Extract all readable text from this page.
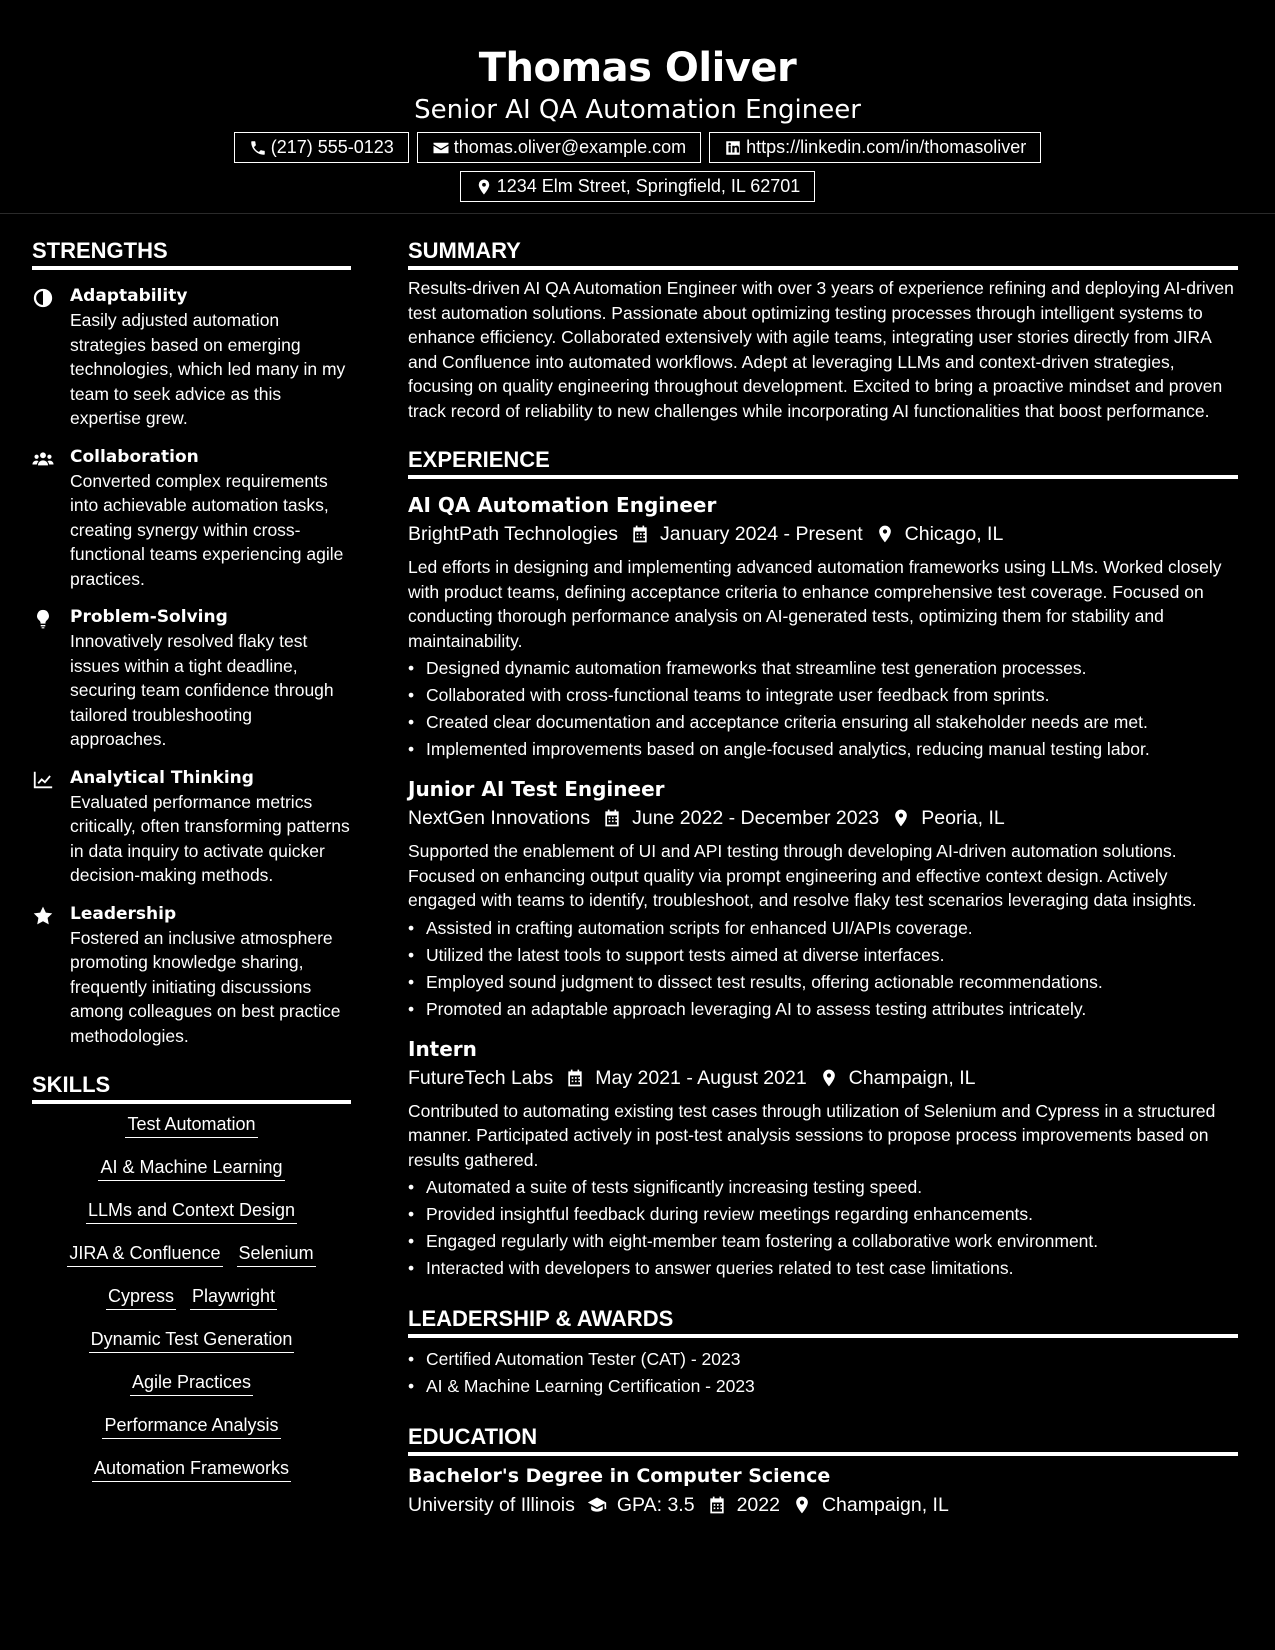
Thomas Oliver
Senior AI QA Automation Engineer
(217) 555-0123	thomas.oliver@example.com	https://linkedin.com/in/thomasoliver
1234 Elm Street, Springfield, IL 62701
STRENGTHS
Adaptability
Easily adjusted automation strategies based on emerging technologies, which led many in my team to seek advice as this expertise grew.
Collaboration
Converted complex requirements into achievable automation tasks, creating synergy within cross-functional teams experiencing agile practices.
Problem-Solving
Innovatively resolved flaky test issues within a tight deadline, securing team confidence through tailored troubleshooting approaches.
Analytical Thinking
Evaluated performance metrics critically, often transforming patterns in data inquiry to activate quicker decision-making methods.
Leadership
Fostered an inclusive atmosphere promoting knowledge sharing, frequently initiating discussions among colleagues on best practice methodologies.
SKILLS
Test Automation
AI & Machine Learning
LLMs and Context Design
JIRA & Confluence Selenium
Cypress Playwright
Dynamic Test Generation
Agile Practices
Performance Analysis
Automation Frameworks
SUMMARY
Results-driven AI QA Automation Engineer with over 3 years of experience refining and deploying AI-driven test automation solutions. Passionate about optimizing testing processes through intelligent systems to enhance efficiency. Collaborated extensively with agile teams, integrating user stories directly from JIRA and Confluence into automated workflows. Adept at leveraging LLMs and context-driven strategies, focusing on quality engineering throughout development. Excited to bring a proactive mindset and proven track record of reliability to new challenges while incorporating AI functionalities that boost performance.
EXPERIENCE
AI QA Automation Engineer
BrightPath Technologies January 2024 - Present Chicago, IL
Led efforts in designing and implementing advanced automation frameworks using LLMs. Worked closely with product teams, defining acceptance criteria to enhance comprehensive test coverage. Focused on conducting thorough performance analysis on AI-generated tests, optimizing them for stability and maintainability.
• Designed dynamic automation frameworks that streamline test generation processes.
• Collaborated with cross-functional teams to integrate user feedback from sprints.
• Created clear documentation and acceptance criteria ensuring all stakeholder needs are met.
• Implemented improvements based on angle-focused analytics, reducing manual testing labor.
Junior AI Test Engineer
NextGen Innovations June 2022 - December 2023 Peoria, IL
Supported the enablement of UI and API testing through developing AI-driven automation solutions. Focused on enhancing output quality via prompt engineering and effective context design. Actively engaged with teams to identify, troubleshoot, and resolve flaky test scenarios leveraging data insights.
• Assisted in crafting automation scripts for enhanced UI/APIs coverage.
• Utilized the latest tools to support tests aimed at diverse interfaces.
• Employed sound judgment to dissect test results, offering actionable recommendations.
• Promoted an adaptable approach leveraging AI to assess testing attributes intricately.
Intern
FutureTech Labs May 2021 - August 2021 Champaign, IL
Contributed to automating existing test cases through utilization of Selenium and Cypress in a structured manner. Participated actively in post-test analysis sessions to propose process improvements based on results gathered.
• Automated a suite of tests significantly increasing testing speed.
• Provided insightful feedback during review meetings regarding enhancements.
• Engaged regularly with eight-member team fostering a collaborative work environment.
• Interacted with developers to answer queries related to test case limitations.
LEADERSHIP & AWARDS
• Certified Automation Tester (CAT) - 2023
• AI & Machine Learning Certification - 2023
EDUCATION
Bachelor's Degree in Computer Science
University of Illinois GPA: 3.5 2022 Champaign, IL
